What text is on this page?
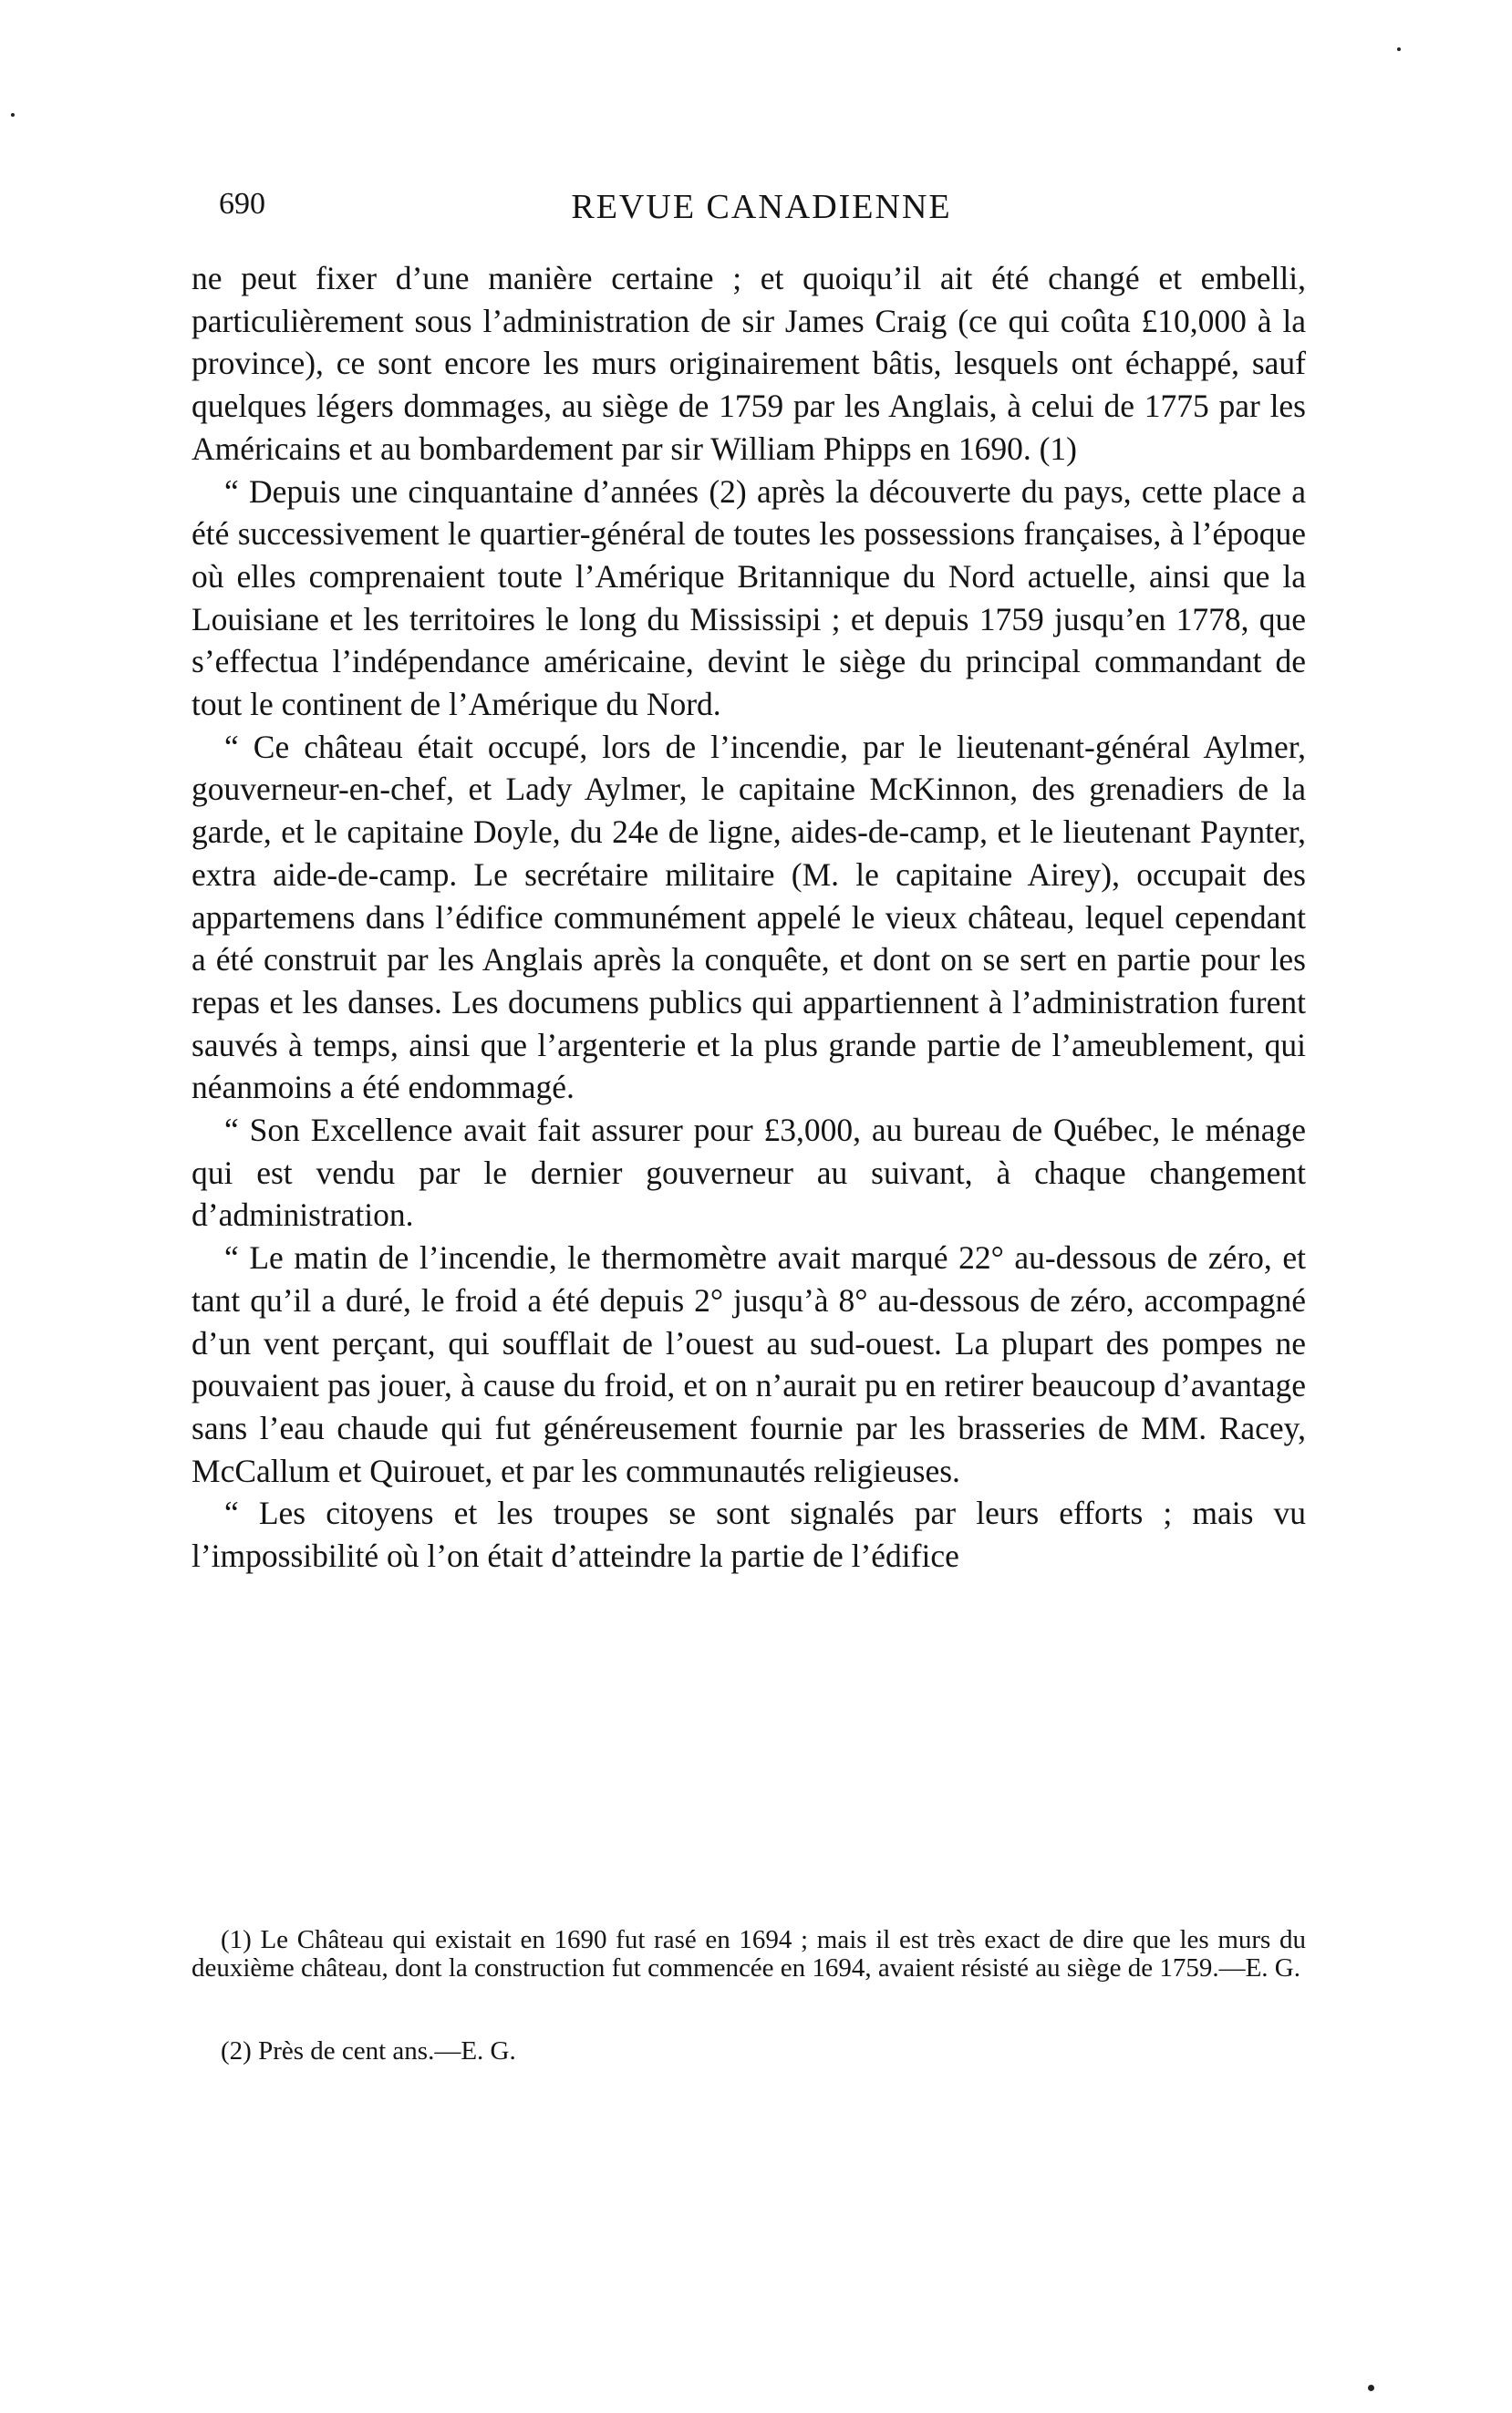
690	REVUE CANADIENNE

ne peut fixer d’une manière certaine ; et quoiqu’il ait été changé et embelli, particulièrement sous l’administration de sir James Craig (ce qui coûta £10,000 à la province), ce sont encore les murs originairement bâtis, lesquels ont échappé, sauf quelques légers dommages, au siège de 1759 par les Anglais, à celui de 1775 par les Américains et au bombardement par sir William Phipps en 1690. (1)

“ Depuis une cinquantaine d’années (2) après la découverte du pays, cette place a été successivement le quartier-général de toutes les possessions françaises, à l’époque où elles comprenaient toute l’Amérique Britannique du Nord actuelle, ainsi que la Louisiane et les territoires le long du Mississipi ; et depuis 1759 jusqu’en 1778, que s’effectua l’indépendance américaine, devint le siège du principal commandant de tout le continent de l’Amérique du Nord.

“ Ce château était occupé, lors de l’incendie, par le lieutenant-général Aylmer, gouverneur-en-chef, et Lady Aylmer, le capitaine McKinnon, des grenadiers de la garde, et le capitaine Doyle, du 24e de ligne, aides-de-camp, et le lieutenant Paynter, extra aide-de-camp. Le secrétaire militaire (M. le capitaine Airey), occupait des appartemens dans l’édifice communément appelé le vieux château, lequel cependant a été construit par les Anglais après la conquête, et dont on se sert en partie pour les repas et les danses. Les documens publics qui appartiennent à l’administration furent sauvés à temps, ainsi que l’argenterie et la plus grande partie de l’ameublement, qui néanmoins a été endommagé.

“ Son Excellence avait fait assurer pour £3,000, au bureau de Québec, le ménage qui est vendu par le dernier gouverneur au suivant, à chaque changement d’administration.

“ Le matin de l’incendie, le thermomètre avait marqué 22° au-dessous de zéro, et tant qu’il a duré, le froid a été depuis 2° jusqu’à 8° au-dessous de zéro, accompagné d’un vent perçant, qui soufflait de l’ouest au sud-ouest. La plupart des pompes ne pouvaient pas jouer, à cause du froid, et on n’aurait pu en retirer beaucoup d’avantage sans l’eau chaude qui fut généreusement fournie par les brasseries de MM. Racey, McCallum et Quirouet, et par les communautés religieuses.

“ Les citoyens et les troupes se sont signalés par leurs efforts ; mais vu l’impossibilité où l’on était d’atteindre la partie de l’édifice

(1) Le Château qui existait en 1690 fut rasé en 1694 ; mais il est très exact de dire que les murs du deuxième château, dont la construction fut commencée en 1694, avaient résisté au siège de 1759.—E. G.

(2) Près de cent ans.—E. G.
